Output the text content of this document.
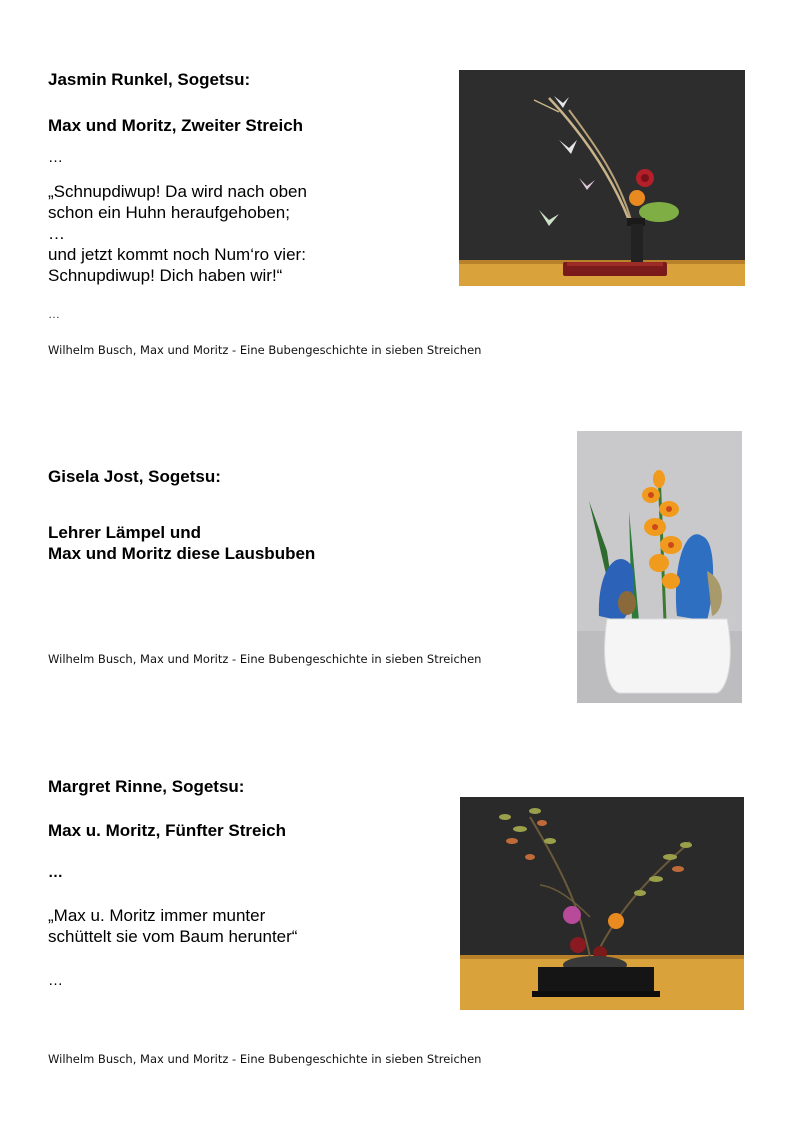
Jasmin Runkel, Sogetsu:
Max und Moritz, Zweiter Streich
…
„Schnupdiwup! Da wird nach oben
schon ein Huhn heraufgehoben;
…
und jetzt kommt noch Num‘ro vier:
Schnupdiwup! Dich haben wir!“
…
Wilhelm Busch, Max und Moritz - Eine Bubengeschichte in sieben Streichen
Gisela Jost, Sogetsu:
Lehrer Lämpel und
Max und Moritz diese Lausbuben
Wilhelm Busch, Max und Moritz - Eine Bubengeschichte in sieben Streichen
Margret Rinne, Sogetsu:
Max u. Moritz, Fünfter Streich
…
„Max u. Moritz immer munter
schüttelt sie vom Baum herunter“
…
Wilhelm Busch, Max und Moritz - Eine Bubengeschichte in sieben Streichen
